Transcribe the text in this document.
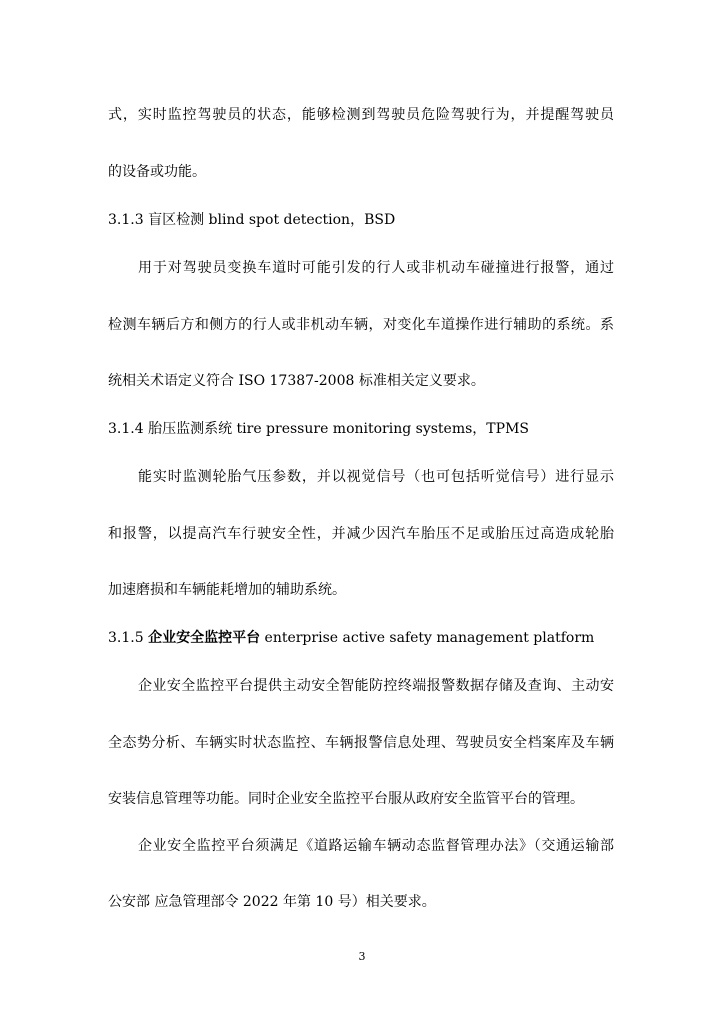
式，实时监控驾驶员的状态，能够检测到驾驶员危险驾驶行为，并提醒驾驶员
的设备或功能。
3.1.3 盲区检测 blind spot detection，BSD
用于对驾驶员变换车道时可能引发的行人或非机动车碰撞进行报警，通过
检测车辆后方和侧方的行人或非机动车辆，对变化车道操作进行辅助的系统。系
统相关术语定义符合 ISO 17387-2008 标准相关定义要求。
3.1.4 胎压监测系统 tire pressure monitoring systems，TPMS
能实时监测轮胎气压参数，并以视觉信号（也可包括听觉信号）进行显示
和报警，以提高汽车行驶安全性，并减少因汽车胎压不足或胎压过高造成轮胎
加速磨损和车辆能耗增加的辅助系统。
3.1.5 企业安全监控平台 enterprise active safety management platform
企业安全监控平台提供主动安全智能防控终端报警数据存储及查询、主动安
全态势分析、车辆实时状态监控、车辆报警信息处理、驾驶员安全档案库及车辆
安装信息管理等功能。同时企业安全监控平台服从政府安全监管平台的管理。
企业安全监控平台须满足《道路运输车辆动态监督管理办法》（交通运输部
公安部 应急管理部令 2022 年第 10 号）相关要求。
3
